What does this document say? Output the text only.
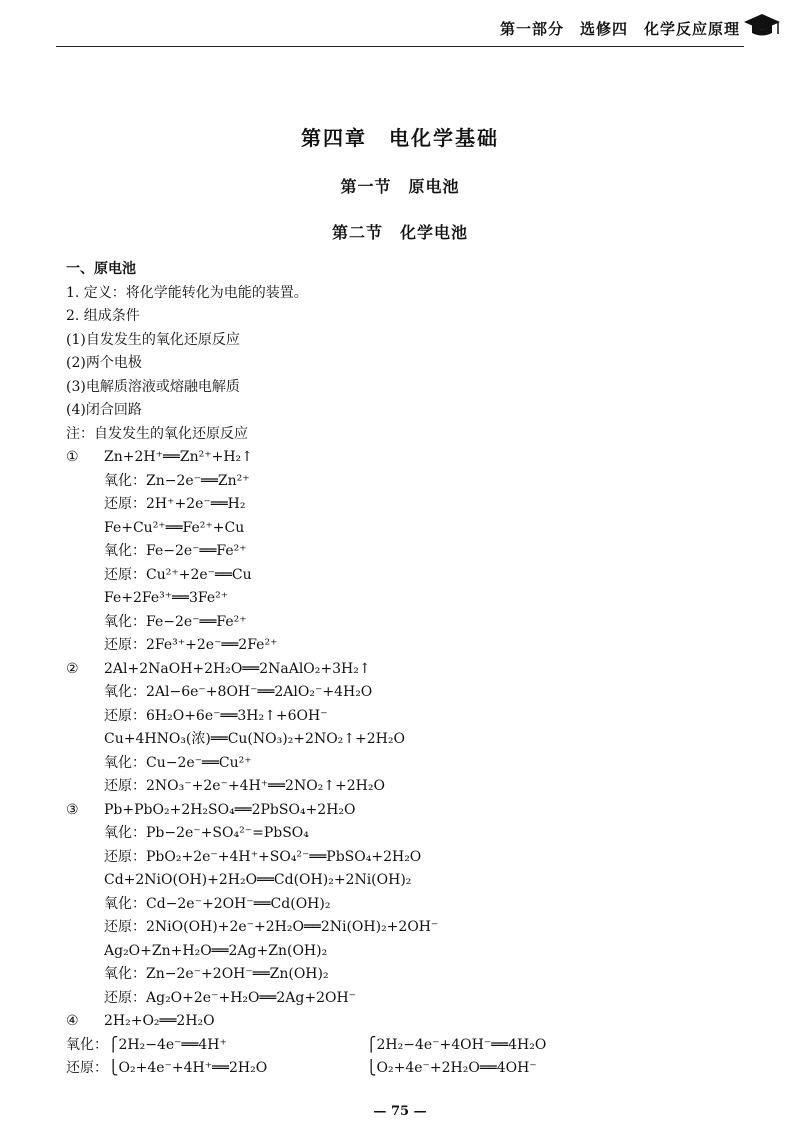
第一部分　选修四　化学反应原理
第四章　电化学基础
第一节　原电池
第二节　化学电池
一、原电池
1. 定义：将化学能转化为电能的装置。
2. 组成条件
(1)自发发生的氧化还原反应
(2)两个电极
(3)电解质溶液或熔融电解质
(4)闭合回路
注：自发发生的氧化还原反应
① Zn+2H⁺══Zn²⁺+H₂↑
氧化：Zn−2e⁻══Zn²⁺
还原：2H⁺+2e⁻══H₂
Fe+Cu²⁺══Fe²⁺+Cu
氧化：Fe−2e⁻══Fe²⁺
还原：Cu²⁺+2e⁻══Cu
Fe+2Fe³⁺══3Fe²⁺
氧化：Fe−2e⁻══Fe²⁺
还原：2Fe³⁺+2e⁻══2Fe²⁺
② 2Al+2NaOH+2H₂O══2NaAlO₂+3H₂↑
氧化：2Al−6e⁻+8OH⁻══2AlO₂⁻+4H₂O
还原：6H₂O+6e⁻══3H₂↑+6OH⁻
Cu+4HNO₃(浓)══Cu(NO₃)₂+2NO₂↑+2H₂O
氧化：Cu−2e⁻══Cu²⁺
还原：2NO₃⁻+2e⁻+4H⁺══2NO₂↑+2H₂O
③ Pb+PbO₂+2H₂SO₄══2PbSO₄+2H₂O
氧化：Pb−2e⁻+SO₄²⁻=PbSO₄
还原：PbO₂+2e⁻+4H⁺+SO₄²⁻══PbSO₄+2H₂O
Cd+2NiO(OH)+2H₂O══Cd(OH)₂+2Ni(OH)₂
氧化：Cd−2e⁻+2OH⁻══Cd(OH)₂
还原：2NiO(OH)+2e⁻+2H₂O══2Ni(OH)₂+2OH⁻
Ag₂O+Zn+H₂O══2Ag+Zn(OH)₂
氧化：Zn−2e⁻+2OH⁻══Zn(OH)₂
还原：Ag₂O+2e⁻+H₂O══2Ag+2OH⁻
④ 2H₂+O₂══2H₂O
氧化：⎧2H₂−4e⁻══4H⁺
还原：⎩O₂+4e⁻+4H⁺══2H₂O
⎧2H₂−4e⁻+4OH⁻══4H₂O
⎩O₂+4e⁻+2H₂O══4OH⁻
— 75 —
